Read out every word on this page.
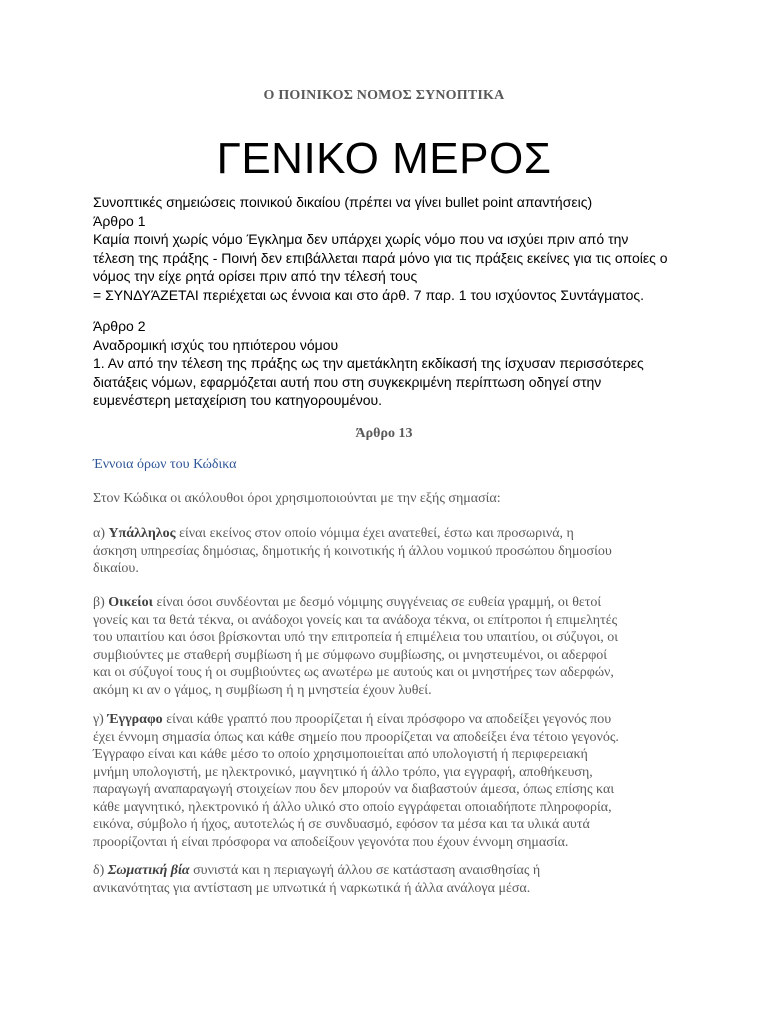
Ο ΠΟΙΝΙΚΟΣ ΝΟΜΟΣ ΣΥΝΟΠΤΙΚΑ
ΓΕΝΙΚΟ ΜΕΡΟΣ
Συνοπτικές σημειώσεις ποινικού δικαίου (πρέπει να γίνει bullet point απαντήσεις)
Άρθρο 1
Καμία ποινή χωρίς νόμο Έγκλημα δεν υπάρχει χωρίς νόμο που να ισχύει πριν από την
τέλεση της πράξης - Ποινή δεν επιβάλλεται παρά μόνο για τις πράξεις εκείνες για τις οποίες ο
νόμος την είχε ρητά ορίσει πριν από την τέλεσή τους
= ΣΥΝΔΥΆΖΕΤΑΙ περιέχεται ως έννοια και στο άρθ. 7 παρ. 1 του ισχύοντος Συντάγματος.
Άρθρο 2
Αναδρομική ισχύς του ηπιότερου νόμου
1. Αν από την τέλεση της πράξης ως την αμετάκλητη εκδίκασή της ίσχυσαν περισσότερες
διατάξεις νόμων, εφαρμόζεται αυτή που στη συγκεκριμένη περίπτωση οδηγεί στην
ευμενέστερη μεταχείριση του κατηγορουμένου.
Άρθρο 13
Έννοια όρων του Κώδικα
Στον Κώδικα οι ακόλουθοι όροι χρησιμοποιούνται με την εξής σημασία:
α) Υπάλληλος είναι εκείνος στον οποίο νόμιμα έχει ανατεθεί, έστω και προσωρινά, η
άσκηση υπηρεσίας δημόσιας, δημοτικής ή κοινοτικής ή άλλου νομικού προσώπου δημοσίου
δικαίου.
β) Οικείοι είναι όσοι συνδέονται με δεσμό νόμιμης συγγένειας σε ευθεία γραμμή, οι θετοί
γονείς και τα θετά τέκνα, οι ανάδοχοι γονείς και τα ανάδοχα τέκνα, οι επίτροποι ή επιμελητές
του υπαιτίου και όσοι βρίσκονται υπό την επιτροπεία ή επιμέλεια του υπαιτίου, οι σύζυγοι, οι
συμβιούντες με σταθερή συμβίωση ή με σύμφωνο συμβίωσης, οι μνηστευμένοι, οι αδερφοί
και οι σύζυγοί τους ή οι συμβιούντες ως ανωτέρω με αυτούς και οι μνηστήρες των αδερφών,
ακόμη κι αν ο γάμος, η συμβίωση ή η μνηστεία έχουν λυθεί.
γ) Έγγραφο είναι κάθε γραπτό που προορίζεται ή είναι πρόσφορο να αποδείξει γεγονός που
έχει έννομη σημασία όπως και κάθε σημείο που προορίζεται να αποδείξει ένα τέτοιο γεγονός.
Έγγραφο είναι και κάθε μέσο το οποίο χρησιμοποιείται από υπολογιστή ή περιφερειακή
μνήμη υπολογιστή, με ηλεκτρονικό, μαγνητικό ή άλλο τρόπο, για εγγραφή, αποθήκευση,
παραγωγή αναπαραγωγή στοιχείων που δεν μπορούν να διαβαστούν άμεσα, όπως επίσης και
κάθε μαγνητικό, ηλεκτρονικό ή άλλο υλικό στο οποίο εγγράφεται οποιαδήποτε πληροφορία,
εικόνα, σύμβολο ή ήχος, αυτοτελώς ή σε συνδυασμό, εφόσον τα μέσα και τα υλικά αυτά
προορίζονται ή είναι πρόσφορα να αποδείξουν γεγονότα που έχουν έννομη σημασία.
δ) Σωματική βία συνιστά και η περιαγωγή άλλου σε κατάσταση αναισθησίας ή
ανικανότητας για αντίσταση με υπνωτικά ή ναρκωτικά ή άλλα ανάλογα μέσα.
